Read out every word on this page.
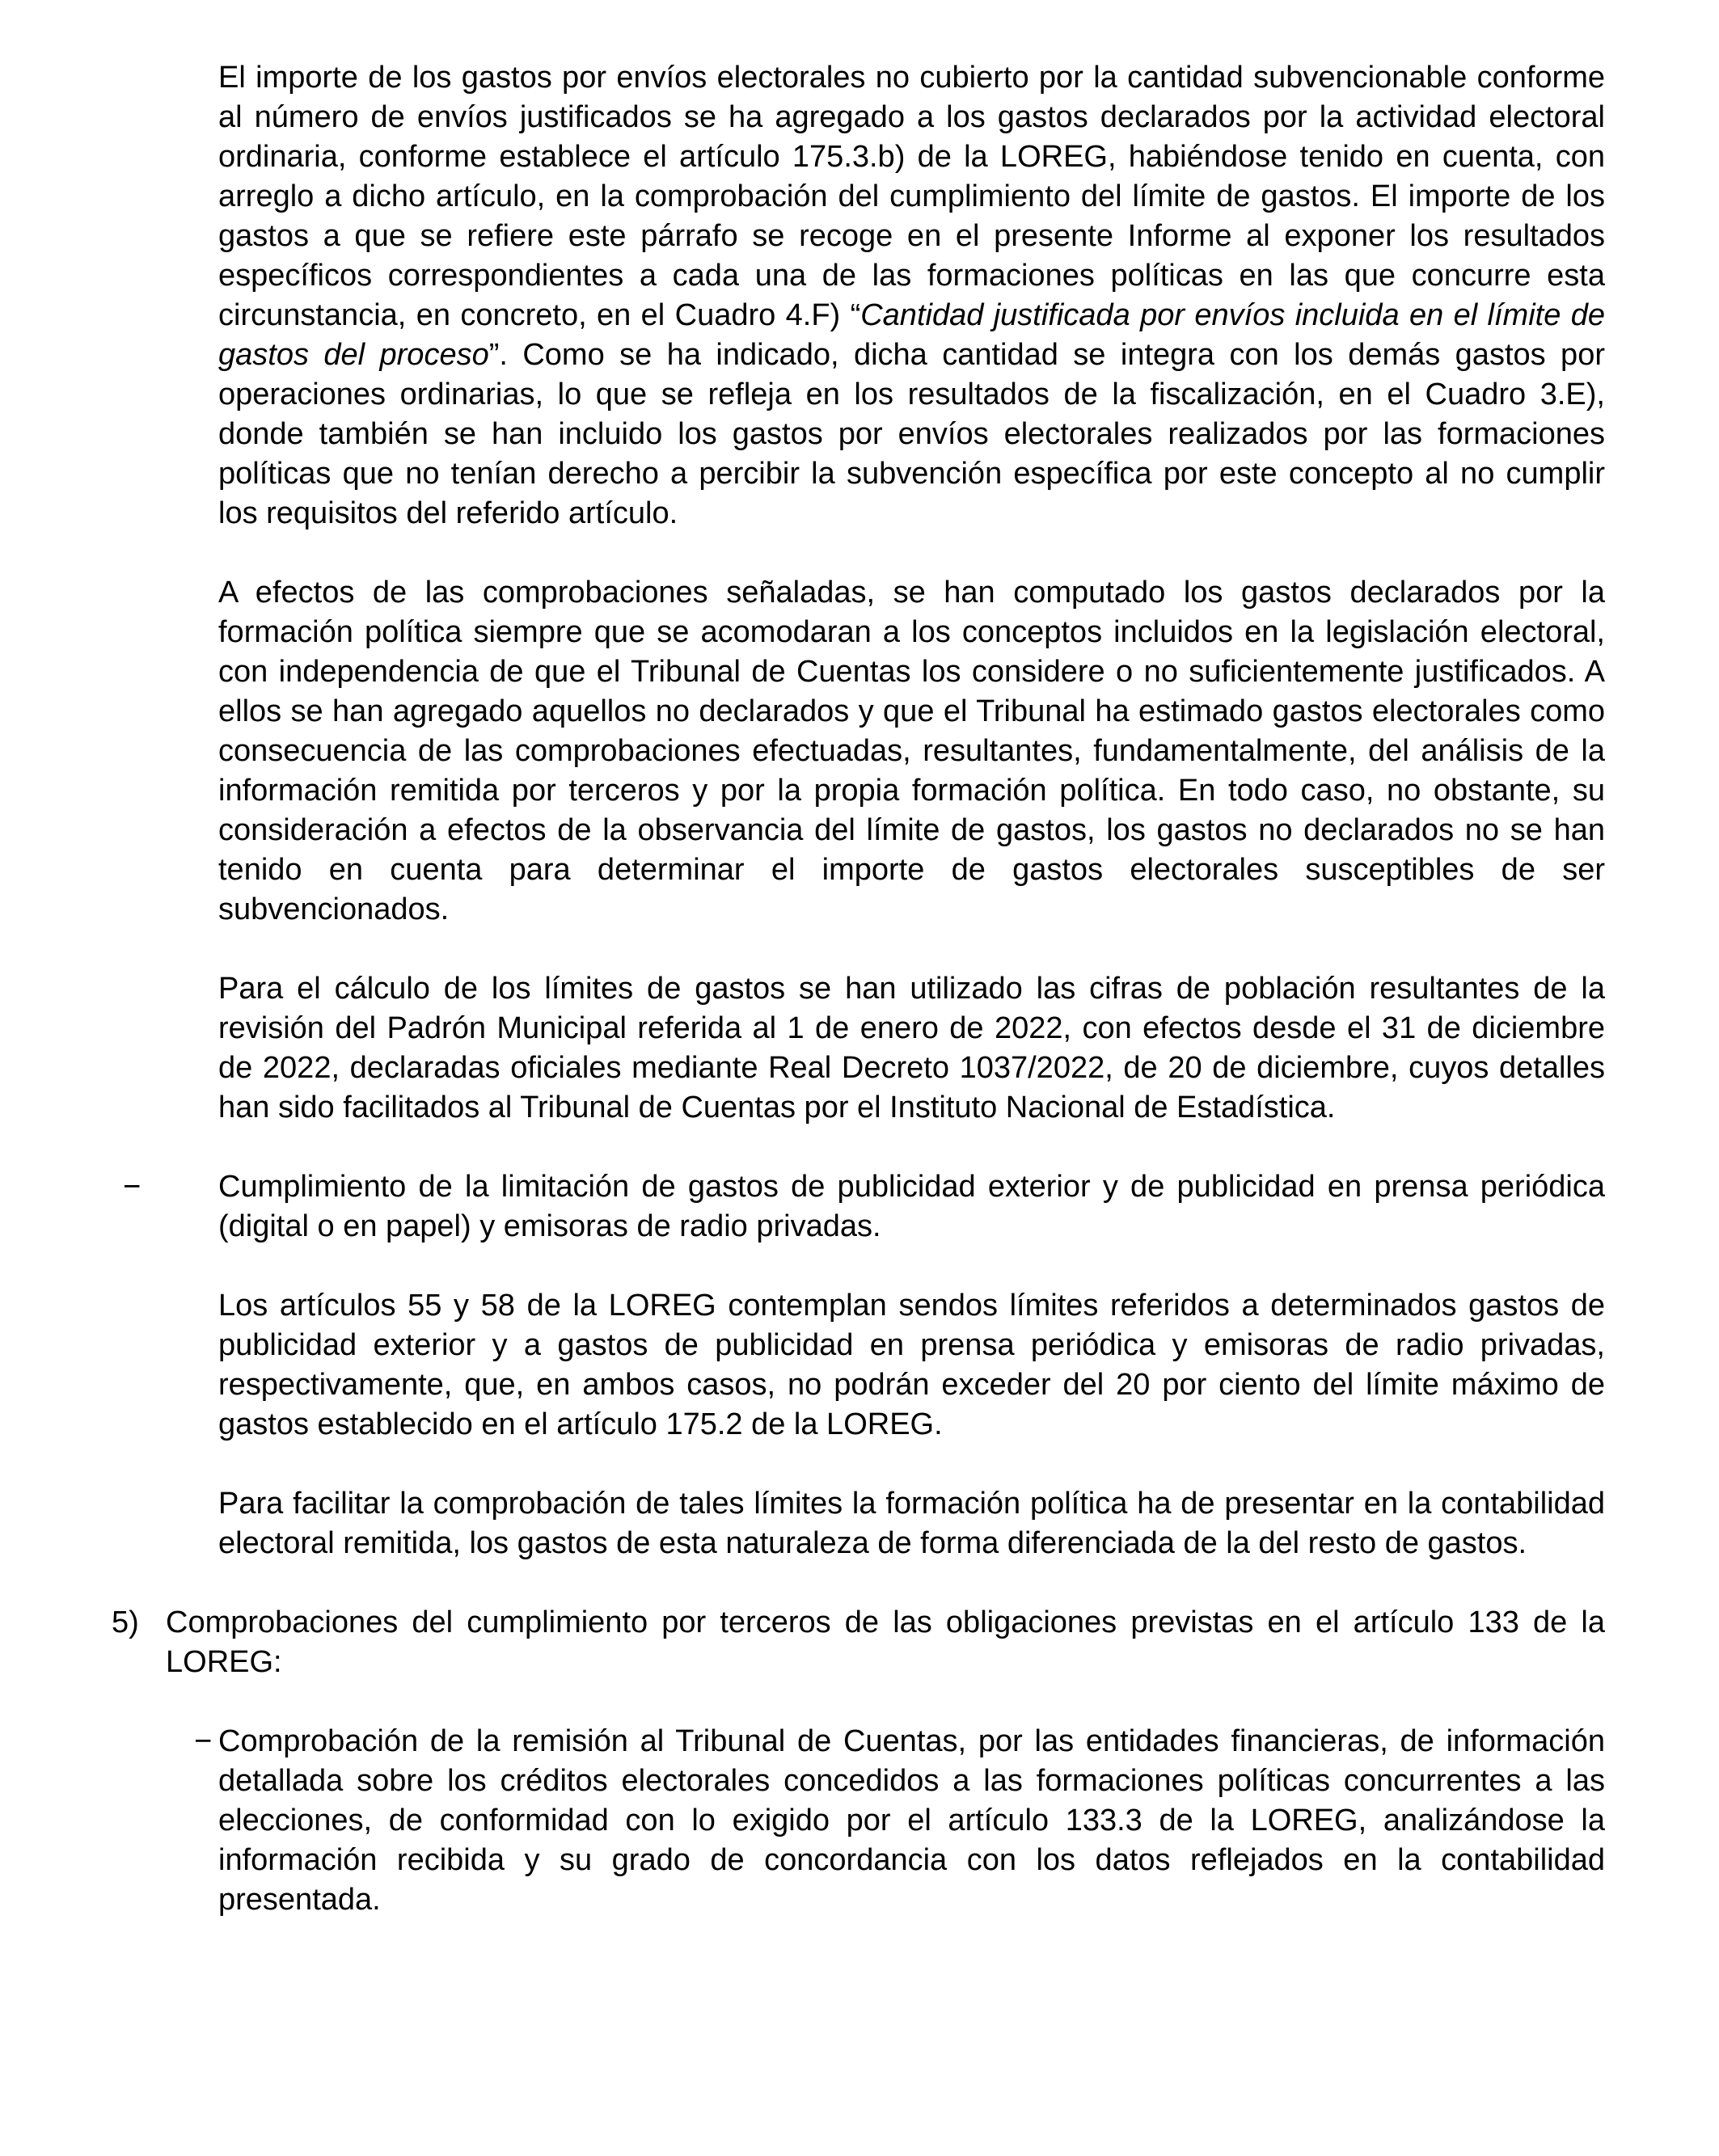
El importe de los gastos por envíos electorales no cubierto por la cantidad subvencionable conforme al número de envíos justificados se ha agregado a los gastos declarados por la actividad electoral ordinaria, conforme establece el artículo 175.3.b) de la LOREG, habiéndose tenido en cuenta, con arreglo a dicho artículo, en la comprobación del cumplimiento del límite de gastos. El importe de los gastos a que se refiere este párrafo se recoge en el presente Informe al exponer los resultados específicos correspondientes a cada una de las formaciones políticas en las que concurre esta circunstancia, en concreto, en el Cuadro 4.F) “Cantidad justificada por envíos incluida en el límite de gastos del proceso”. Como se ha indicado, dicha cantidad se integra con los demás gastos por operaciones ordinarias, lo que se refleja en los resultados de la fiscalización, en el Cuadro 3.E), donde también se han incluido los gastos por envíos electorales realizados por las formaciones políticas que no tenían derecho a percibir la subvención específica por este concepto al no cumplir los requisitos del referido artículo.
A efectos de las comprobaciones señaladas, se han computado los gastos declarados por la formación política siempre que se acomodaran a los conceptos incluidos en la legislación electoral, con independencia de que el Tribunal de Cuentas los considere o no suficientemente justificados. A ellos se han agregado aquellos no declarados y que el Tribunal ha estimado gastos electorales como consecuencia de las comprobaciones efectuadas, resultantes, fundamentalmente, del análisis de la información remitida por terceros y por la propia formación política. En todo caso, no obstante, su consideración a efectos de la observancia del límite de gastos, los gastos no declarados no se han tenido en cuenta para determinar el importe de gastos electorales susceptibles de ser subvencionados.
Para el cálculo de los límites de gastos se han utilizado las cifras de población resultantes de la revisión del Padrón Municipal referida al 1 de enero de 2022, con efectos desde el 31 de diciembre de 2022, declaradas oficiales mediante Real Decreto 1037/2022, de 20 de diciembre, cuyos detalles han sido facilitados al Tribunal de Cuentas por el Instituto Nacional de Estadística.
−	Cumplimiento de la limitación de gastos de publicidad exterior y de publicidad en prensa periódica (digital o en papel) y emisoras de radio privadas.
Los artículos 55 y 58 de la LOREG contemplan sendos límites referidos a determinados gastos de publicidad exterior y a gastos de publicidad en prensa periódica y emisoras de radio privadas, respectivamente, que, en ambos casos, no podrán exceder del 20 por ciento del límite máximo de gastos establecido en el artículo 175.2 de la LOREG.
Para facilitar la comprobación de tales límites la formación política ha de presentar en la contabilidad electoral remitida, los gastos de esta naturaleza de forma diferenciada de la del resto de gastos.
5) Comprobaciones del cumplimiento por terceros de las obligaciones previstas en el artículo 133 de la LOREG:
− Comprobación de la remisión al Tribunal de Cuentas, por las entidades financieras, de información detallada sobre los créditos electorales concedidos a las formaciones políticas concurrentes a las elecciones, de conformidad con lo exigido por el artículo 133.3 de la LOREG, analizándose la información recibida y su grado de concordancia con los datos reflejados en la contabilidad presentada.
